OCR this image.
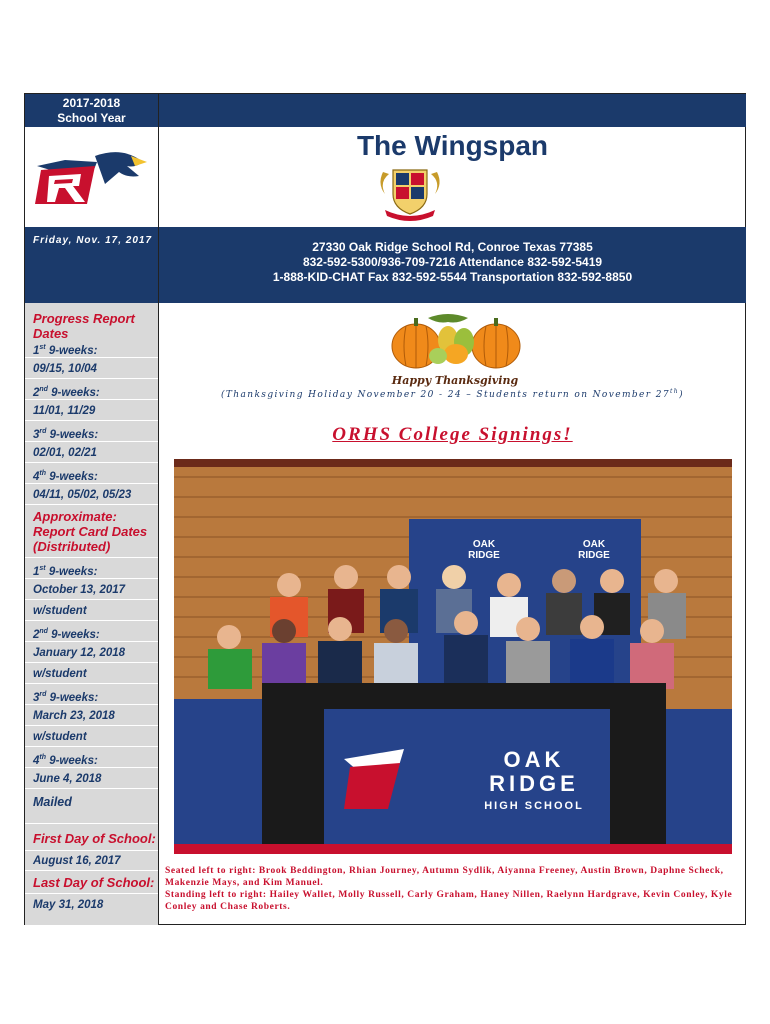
2017-2018
School Year
Friday, Nov. 17, 2017
Progress Report Dates
1st 9-weeks:
09/15, 10/04
2nd 9-weeks:
11/01, 11/29
3rd 9-weeks:
02/01, 02/21
4th 9-weeks:
04/11, 05/02, 05/23
Approximate: Report Card Dates (Distributed)
1st 9-weeks:
October 13, 2017
w/student
2nd 9-weeks:
January 12, 2018
w/student
3rd 9-weeks:
March 23, 2018
w/student
4th 9-weeks:
June 4, 2018
Mailed
First Day of School:
August 16, 2017
Last Day of School:
May 31, 2018
The Wingspan
27330 Oak Ridge School Rd, Conroe Texas 77385
832-592-5300/936-709-7216 Attendance 832-592-5419
1-888-KID-CHAT Fax 832-592-5544 Transportation 832-592-8850
Happy Thanksgiving
(Thanksgiving Holiday November 20 - 24 – Students return on November 27th)
ORHS College Signings!
OAK
RIDGE
OAK
RIDGE
OAK
RIDGE
HIGH SCHOOL
Seated left to right: Brook Beddington, Rhian Journey, Autumn Sydlik, Aiyanna Freeney, Austin Brown, Daphne Scheck, Makenzie Mays, and Kim Manuel.
Standing left to right: Hailey Wallet, Molly Russell, Carly Graham, Haney Nillen, Raelynn Hardgrave, Kevin Conley, Kyle Conley and Chase Roberts.
